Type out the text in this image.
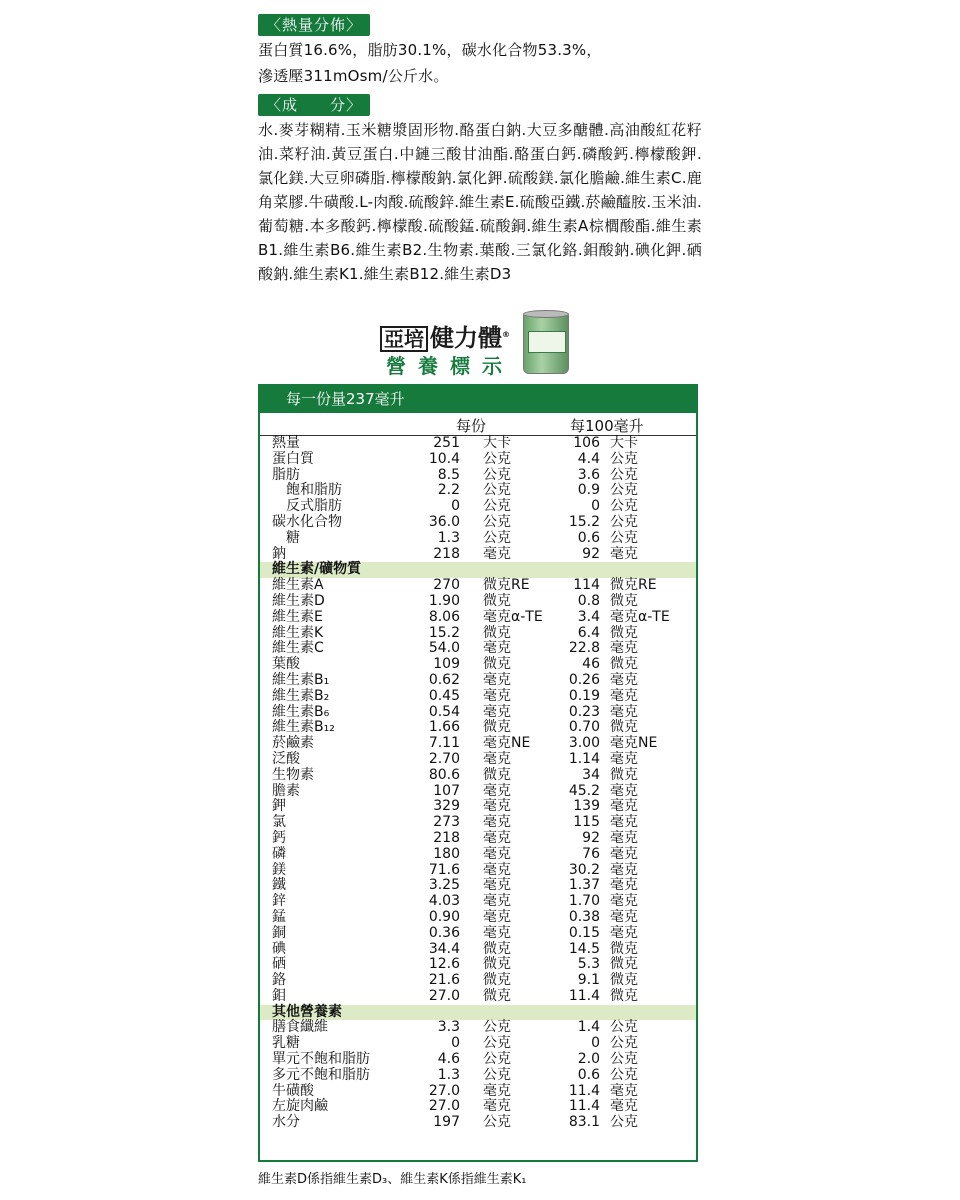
〈熱量分佈〉
蛋白質16.6%，脂肪30.1%，碳水化合物53.3%，
滲透壓311mOsm/公斤水。
〈成　　分〉
水.麥芽糊精.玉米糖漿固形物.酪蛋白鈉.大豆多醣體.高油酸紅花籽油.菜籽油.黃豆蛋白.中鏈三酸甘油酯.酪蛋白鈣.磷酸鈣.檸檬酸鉀.氯化鎂.大豆卵磷脂.檸檬酸鈉.氯化鉀.硫酸鎂.氯化膽鹼.維生素C.鹿角菜膠.牛磺酸.L-肉酸.硫酸鋅.維生素E.硫酸亞鐵.菸鹼醯胺.玉米油.葡萄糖.本多酸鈣.檸檬酸.硫酸錳.硫酸銅.維生素A棕櫚酸酯.維生素B1.維生素B6.維生素B2.生物素.葉酸.三氯化鉻.鉬酸鈉.碘化鉀.硒酸鈉.維生素K1.維生素B12.維生素D3
亞培 健力體®
營養標示
每一份量237毫升
每份	每100毫升
熱量	251 大卡	106 大卡
蛋白質	10.4 公克	4.4 公克
脂肪	8.5 公克	3.6 公克
　飽和脂肪	2.2 公克	0.9 公克
　反式脂肪	0 公克	0 公克
碳水化合物	36.0 公克	15.2 公克
　糖	1.3 公克	0.6 公克
鈉	218 毫克	92 毫克
維生素/礦物質
維生素A	270 微克RE	114 微克RE
維生素D	1.90 微克	0.8 微克
維生素E	8.06 毫克α-TE	3.4 毫克α-TE
維生素K	15.2 微克	6.4 微克
維生素C	54.0 毫克	22.8 毫克
葉酸	109 微克	46 微克
維生素B₁	0.62 毫克	0.26 毫克
維生素B₂	0.45 毫克	0.19 毫克
維生素B₆	0.54 毫克	0.23 毫克
維生素B₁₂	1.66 微克	0.70 微克
菸鹼素	7.11 毫克NE	3.00 毫克NE
泛酸	2.70 毫克	1.14 毫克
生物素	80.6 微克	34 微克
膽素	107 毫克	45.2 毫克
鉀	329 毫克	139 毫克
氯	273 毫克	115 毫克
鈣	218 毫克	92 毫克
磷	180 毫克	76 毫克
鎂	71.6 毫克	30.2 毫克
鐵	3.25 毫克	1.37 毫克
鋅	4.03 毫克	1.70 毫克
錳	0.90 毫克	0.38 毫克
銅	0.36 毫克	0.15 毫克
碘	34.4 微克	14.5 微克
硒	12.6 微克	5.3 微克
鉻	21.6 微克	9.1 微克
鉬	27.0 微克	11.4 微克
其他營養素
膳食纖維	3.3 公克	1.4 公克
乳糖	0 公克	0 公克
單元不飽和脂肪	4.6 公克	2.0 公克
多元不飽和脂肪	1.3 公克	0.6 公克
牛磺酸	27.0 毫克	11.4 毫克
左旋肉鹼	27.0 毫克	11.4 毫克
水分	197 公克	83.1 公克
維生素D係指維生素D₃、維生素K係指維生素K₁
